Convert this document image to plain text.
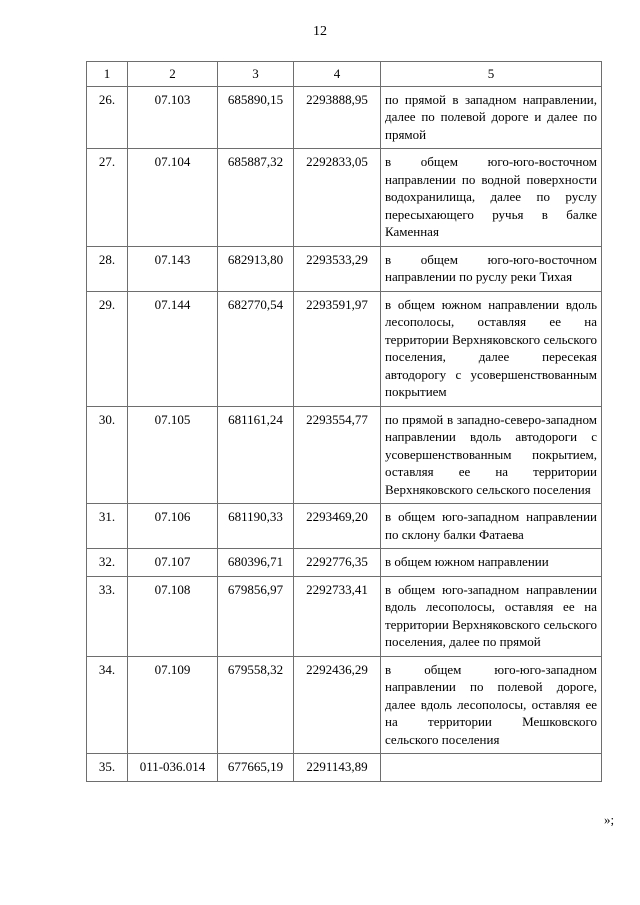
12
1	2	3	4	5
26.	07.103	685890,15	2293888,95	по прямой в западном направлении, далее по полевой дороге и далее по прямой
27.	07.104	685887,32	2292833,05	в общем юго-юго-восточном направлении по водной поверхности водохранилища, далее по руслу пересыхающего ручья в балке Каменная
28.	07.143	682913,80	2293533,29	в общем юго-юго-восточном направлении по руслу реки Тихая
29.	07.144	682770,54	2293591,97	в общем южном направлении вдоль лесополосы, оставляя ее на территории Верхняковского сельского поселения, далее пересекая автодорогу с усовершенствованным покрытием
30.	07.105	681161,24	2293554,77	по прямой в западно-северо-западном направлении вдоль автодороги с усовершенствованным покрытием, оставляя ее на территории Верхняковского сельского поселения
31.	07.106	681190,33	2293469,20	в общем юго-западном направлении по склону балки Фатаева
32.	07.107	680396,71	2292776,35	в общем южном направлении
33.	07.108	679856,97	2292733,41	в общем юго-западном направлении вдоль лесополосы, оставляя ее на территории Верхняковского сельского поселения, далее по прямой
34.	07.109	679558,32	2292436,29	в общем юго-юго-западном направлении по полевой дороге, далее вдоль лесополосы, оставляя ее на территории Мешковского сельского поселения
35.	011-036.014	677665,19	2291143,89	
»;
